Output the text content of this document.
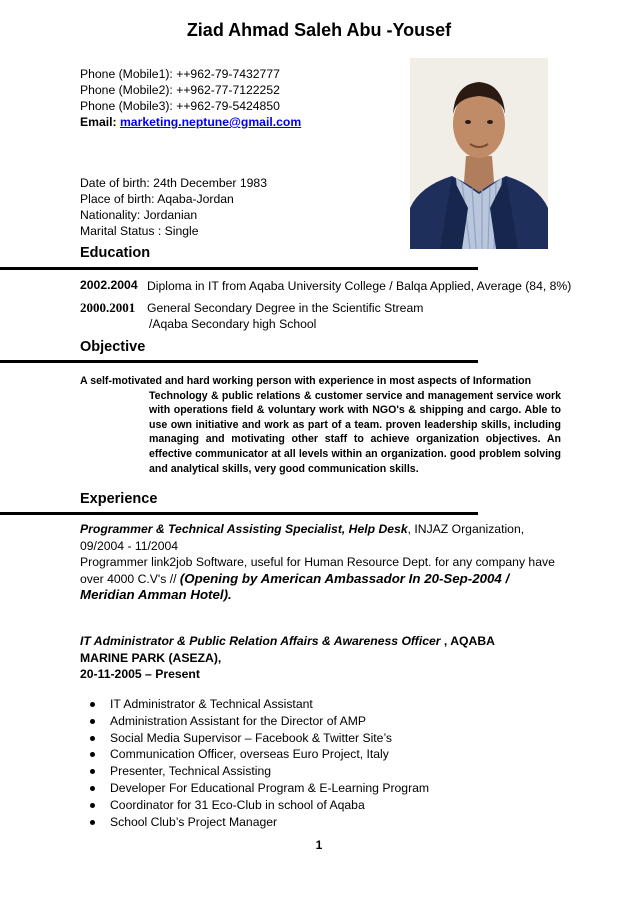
Ziad Ahmad Saleh Abu -Yousef
Phone (Mobile1): ++962-79-7432777
Phone (Mobile2): ++962-77-7122252
Phone (Mobile3): ++962-79-5424850
Email: marketing.neptune@gmail.com
Date of birth: 24th December 1983
Place of birth: Aqaba-Jordan
Nationality: Jordanian
Marital Status : Single
Education
2002.2004 Diploma in IT from Aqaba University College / Balqa Applied, Average (84, 8%)
2000.2001 General Secondary Degree in the Scientific Stream
/Aqaba Secondary high School
Objective
A self-motivated and hard working person with experience in most aspects of Information
Technology & public relations & customer service and management service work with operations field & voluntary work with NGO's & shipping and cargo. Able to use own initiative and work as part of a team. proven leadership skills, including managing and motivating other staff to achieve organization objectives. An effective communicator at all levels within an organization. good problem solving and analytical skills, very good communication skills.
Experience
Programmer & Technical Assisting Specialist, Help Desk, INJAZ Organization, 09/2004 - 11/2004
Programmer link2job Software, useful for Human Resource Dept. for any company have over 4000 C.V's // (Opening by American Ambassador In 20-Sep-2004 / Meridian Amman Hotel).
IT Administrator & Public Relation Affairs & Awareness Officer , AQABA MARINE PARK (ASEZA),
20-11-2005 – Present
IT Administrator & Technical Assistant
Administration Assistant for the Director of AMP
Social Media Supervisor – Facebook & Twitter Site’s
Communication Officer, overseas Euro Project, Italy
Presenter, Technical Assisting
Developer For Educational Program & E-Learning Program
Coordinator for 31 Eco-Club in school of Aqaba
School Club’s Project Manager
1
